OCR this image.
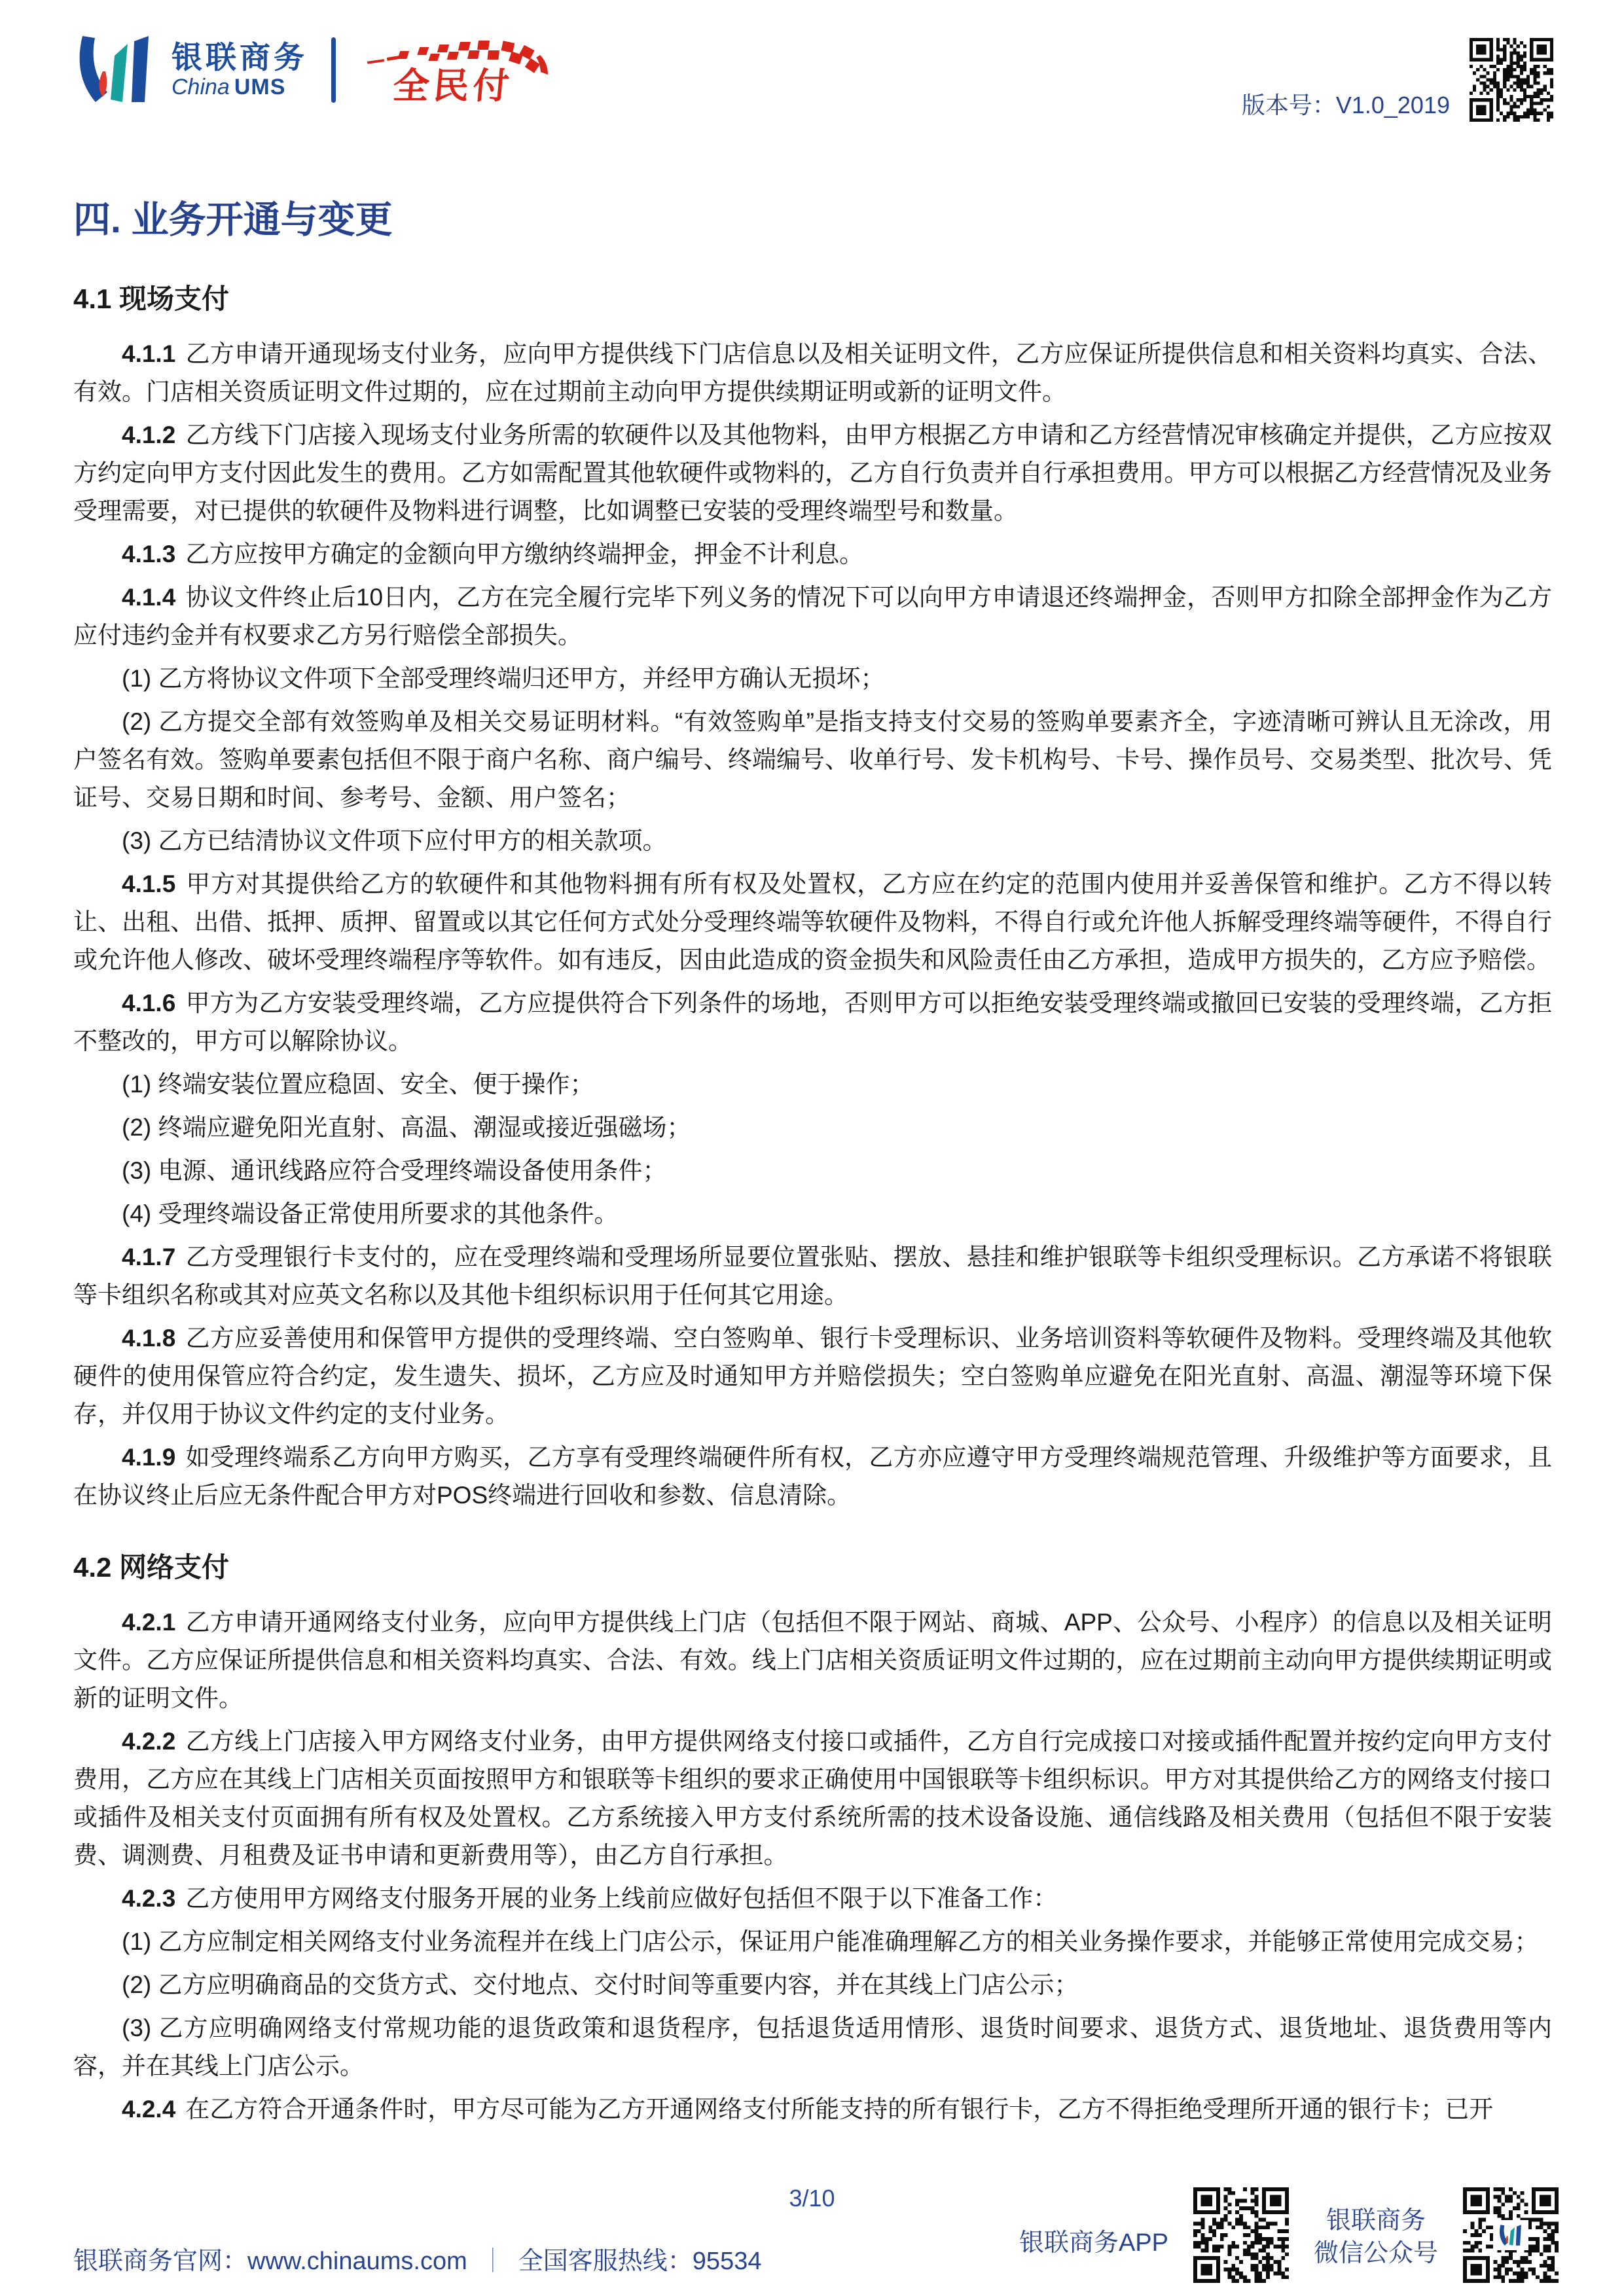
银联商务
China UMS	全民付	版本号：V1.0_2019
四. 业务开通与变更
4.1 现场支付

4.1.1 乙方申请开通现场支付业务，应向甲方提供线下门店信息以及相关证明文件，乙方应保证所提供信息和相关资料均真实、合法、有效。门店相关资质证明文件过期的，应在过期前主动向甲方提供续期证明或新的证明文件。

4.1.2 乙方线下门店接入现场支付业务所需的软硬件以及其他物料，由甲方根据乙方申请和乙方经营情况审核确定并提供，乙方应按双方约定向甲方支付因此发生的费用。乙方如需配置其他软硬件或物料的，乙方自行负责并自行承担费用。甲方可以根据乙方经营情况及业务受理需要，对已提供的软硬件及物料进行调整，比如调整已安装的受理终端型号和数量。

4.1.3 乙方应按甲方确定的金额向甲方缴纳终端押金，押金不计利息。

4.1.4 协议文件终止后10日内，乙方在完全履行完毕下列义务的情况下可以向甲方申请退还终端押金，否则甲方扣除全部押金作为乙方应付违约金并有权要求乙方另行赔偿全部损失。

(1) 乙方将协议文件项下全部受理终端归还甲方，并经甲方确认无损坏；

(2) 乙方提交全部有效签购单及相关交易证明材料。“有效签购单”是指支持支付交易的签购单要素齐全，字迹清晰可辨认且无涂改，用户签名有效。签购单要素包括但不限于商户名称、商户编号、终端编号、收单行号、发卡机构号、卡号、操作员号、交易类型、批次号、凭证号、交易日期和时间、参考号、金额、用户签名；

(3) 乙方已结清协议文件项下应付甲方的相关款项。

4.1.5 甲方对其提供给乙方的软硬件和其他物料拥有所有权及处置权，乙方应在约定的范围内使用并妥善保管和维护。乙方不得以转让、出租、出借、抵押、质押、留置或以其它任何方式处分受理终端等软硬件及物料，不得自行或允许他人拆解受理终端等硬件，不得自行或允许他人修改、破坏受理终端程序等软件。如有违反，因由此造成的资金损失和风险责任由乙方承担，造成甲方损失的，乙方应予赔偿。

4.1.6 甲方为乙方安装受理终端，乙方应提供符合下列条件的场地，否则甲方可以拒绝安装受理终端或撤回已安装的受理终端，乙方拒不整改的，甲方可以解除协议。

(1) 终端安装位置应稳固、安全、便于操作；

(2) 终端应避免阳光直射、高温、潮湿或接近强磁场；

(3) 电源、通讯线路应符合受理终端设备使用条件；

(4) 受理终端设备正常使用所要求的其他条件。

4.1.7 乙方受理银行卡支付的，应在受理终端和受理场所显要位置张贴、摆放、悬挂和维护银联等卡组织受理标识。乙方承诺不将银联等卡组织名称或其对应英文名称以及其他卡组织标识用于任何其它用途。

4.1.8 乙方应妥善使用和保管甲方提供的受理终端、空白签购单、银行卡受理标识、业务培训资料等软硬件及物料。受理终端及其他软硬件的使用保管应符合约定，发生遗失、损坏，乙方应及时通知甲方并赔偿损失；空白签购单应避免在阳光直射、高温、潮湿等环境下保存，并仅用于协议文件约定的支付业务。

4.1.9 如受理终端系乙方向甲方购买，乙方享有受理终端硬件所有权，乙方亦应遵守甲方受理终端规范管理、升级维护等方面要求，且在协议终止后应无条件配合甲方对POS终端进行回收和参数、信息清除。

4.2 网络支付

4.2.1 乙方申请开通网络支付业务，应向甲方提供线上门店（包括但不限于网站、商城、APP、公众号、小程序）的信息以及相关证明文件。乙方应保证所提供信息和相关资料均真实、合法、有效。线上门店相关资质证明文件过期的，应在过期前主动向甲方提供续期证明或新的证明文件。

4.2.2 乙方线上门店接入甲方网络支付业务，由甲方提供网络支付接口或插件，乙方自行完成接口对接或插件配置并按约定向甲方支付费用，乙方应在其线上门店相关页面按照甲方和银联等卡组织的要求正确使用中国银联等卡组织标识。甲方对其提供给乙方的网络支付接口或插件及相关支付页面拥有所有权及处置权。乙方系统接入甲方支付系统所需的技术设备设施、通信线路及相关费用（包括但不限于安装费、调测费、月租费及证书申请和更新费用等），由乙方自行承担。

4.2.3 乙方使用甲方网络支付服务开展的业务上线前应做好包括但不限于以下准备工作：

(1) 乙方应制定相关网络支付业务流程并在线上门店公示，保证用户能准确理解乙方的相关业务操作要求，并能够正常使用完成交易；

(2) 乙方应明确商品的交货方式、交付地点、交付时间等重要内容，并在其线上门店公示；

(3) 乙方应明确网络支付常规功能的退货政策和退货程序，包括退货适用情形、退货时间要求、退货方式、退货地址、退货费用等内容，并在其线上门店公示。

4.2.4 在乙方符合开通条件时，甲方尽可能为乙方开通网络支付所能支持的所有银行卡，乙方不得拒绝受理所开通的银行卡；已开

3/10
银联商务官网：www.chinaums.com ｜ 全国客服热线：95534
银联商务APP
银联商务
微信公众号
